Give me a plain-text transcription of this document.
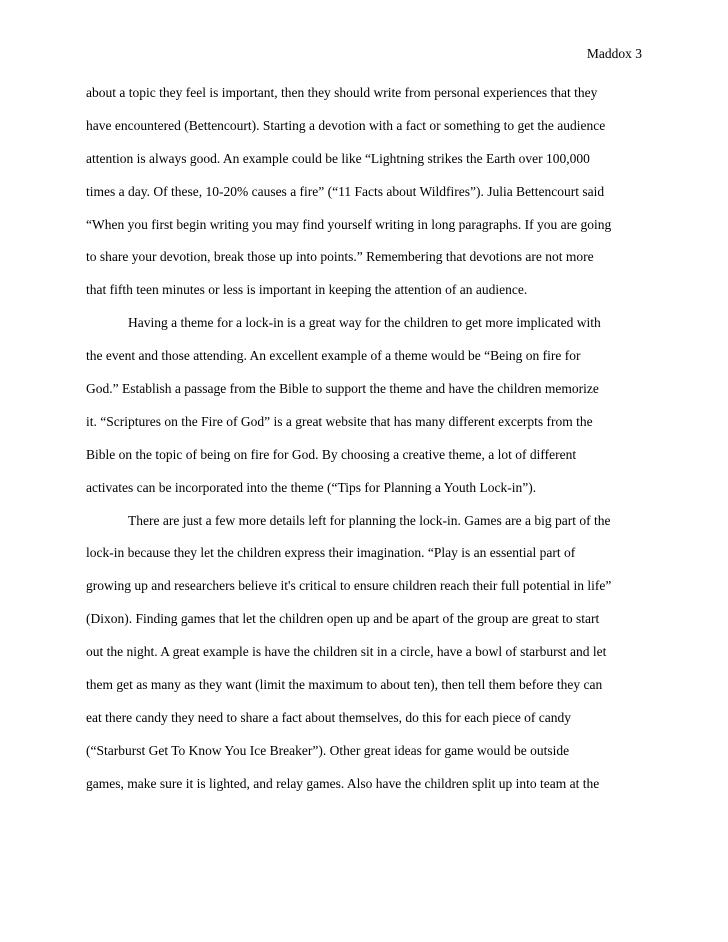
Maddox 3
about a topic they feel is important, then they should write from personal experiences that they
have encountered (Bettencourt). Starting a devotion with a fact or something to get the audience
attention is always good. An example could be like “Lightning strikes the Earth over 100,000
times a day. Of these, 10-20% causes a fire” (“11 Facts about Wildfires”). Julia Bettencourt said
“When you first begin writing you may find yourself writing in long paragraphs. If you are going
to share your devotion, break those up into points.” Remembering that devotions are not more
that fifth teen minutes or less is important in keeping the attention of an audience.
Having a theme for a lock-in is a great way for the children to get more implicated with
the event and those attending. An excellent example of a theme would be “Being on fire for
God.” Establish a passage from the Bible to support the theme and have the children memorize
it. “Scriptures on the Fire of God” is a great website that has many different excerpts from the
Bible on the topic of being on fire for God. By choosing a creative theme, a lot of different
activates can be incorporated into the theme (“Tips for Planning a Youth Lock-in”).
There are just a few more details left for planning the lock-in. Games are a big part of the
lock-in because they let the children express their imagination. “Play is an essential part of
growing up and researchers believe it's critical to ensure children reach their full potential in life”
(Dixon). Finding games that let the children open up and be apart of the group are great to start
out the night. A great example is have the children sit in a circle, have a bowl of starburst and let
them get as many as they want (limit the maximum to about ten), then tell them before they can
eat there candy they need to share a fact about themselves, do this for each piece of candy
(“Starburst Get To Know You Ice Breaker”). Other great ideas for game would be outside
games, make sure it is lighted, and relay games. Also have the children split up into team at the
